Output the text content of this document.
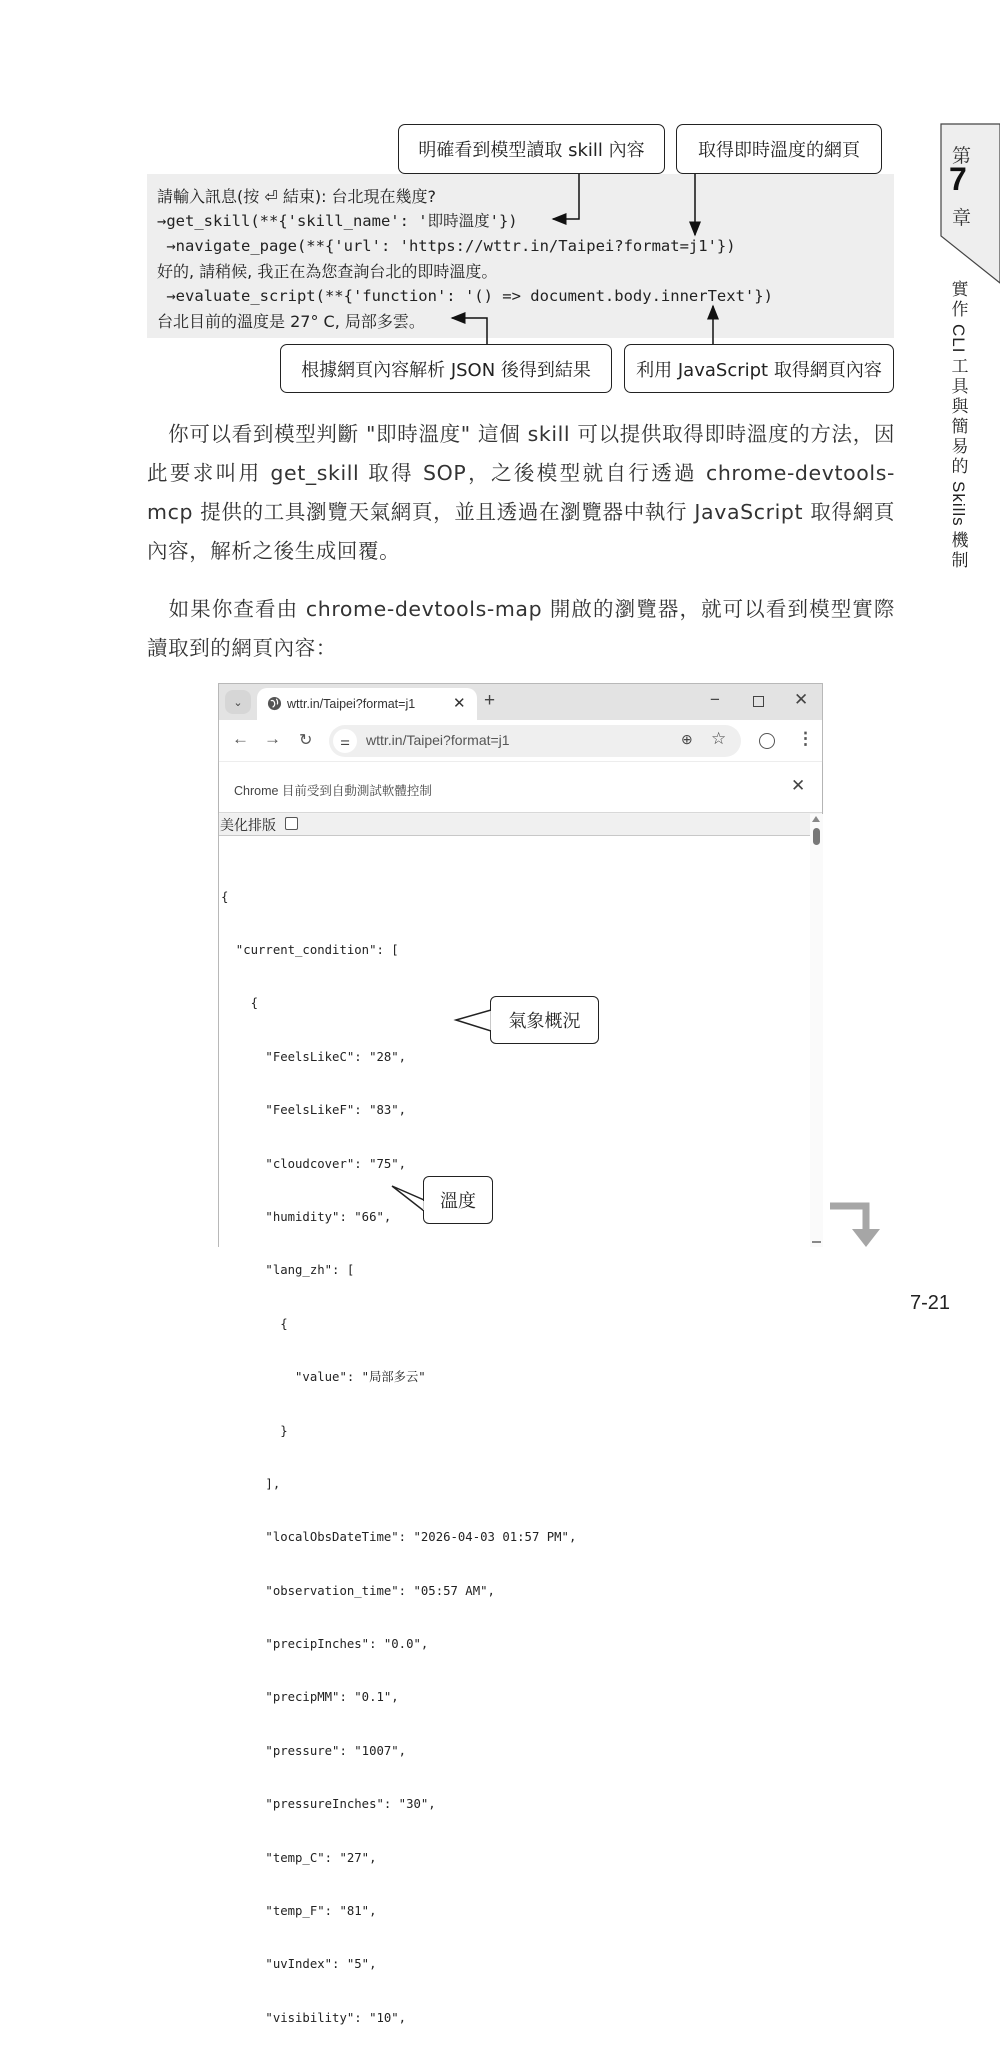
第
7
章
實
作
CLI
工
具
與
簡
易
的
Skills
機
制
請輸入訊息(按 ⏎ 結束): 台北現在幾度?
→get_skill(**{'skill_name': '即時溫度'})
→navigate_page(**{'url': 'https://wttr.in/Taipei?format=j1'})
好的, 請稍候, 我正在為您查詢台北的即時溫度。
→evaluate_script(**{'function': '() => document.body.innerText'})
台北目前的溫度是 27° C, 局部多雲。
明確看到模型讀取 skill 內容	取得即時溫度的網頁
根據網頁內容解析 JSON 後得到結果	利用 JavaScript 取得網頁內容

　你可以看到模型判斷 "即時溫度" 這個 skill 可以提供取得即時溫度的方法，因此要求叫用 get_skill 取得 SOP，之後模型就自行透過 chrome-devtools-mcp 提供的工具瀏覽天氣網頁，並且透過在瀏覽器中執行 JavaScript 取得網頁內容，解析之後生成回覆。

　如果你查看由 chrome-devtools-map 開啟的瀏覽器，就可以看到模型實際讀取到的網頁內容：

⌄	wttr.in/Taipei?format=j1	✕ +	−	✕
← → ↻	⚌	wttr.in/Taipei?format=j1	⊕ ☆	⋮
Chrome 目前受到自動測試軟體控制	✕
美化排版

{

"current_condition": [

{

"FeelsLikeC": "28",

"FeelsLikeF": "83",

"cloudcover": "75",

"humidity": "66",

"lang_zh": [

{

"value": "局部多云"

}

],

"localObsDateTime": "2026-04-03 01:57 PM",

"observation_time": "05:57 AM",

"precipInches": "0.0",

"precipMM": "0.1",

"pressure": "1007",

"pressureInches": "30",

"temp_C": "27",

"temp_F": "81",

"uvIndex": "5",

"visibility": "10",

氣象概況
溫度
7-21
